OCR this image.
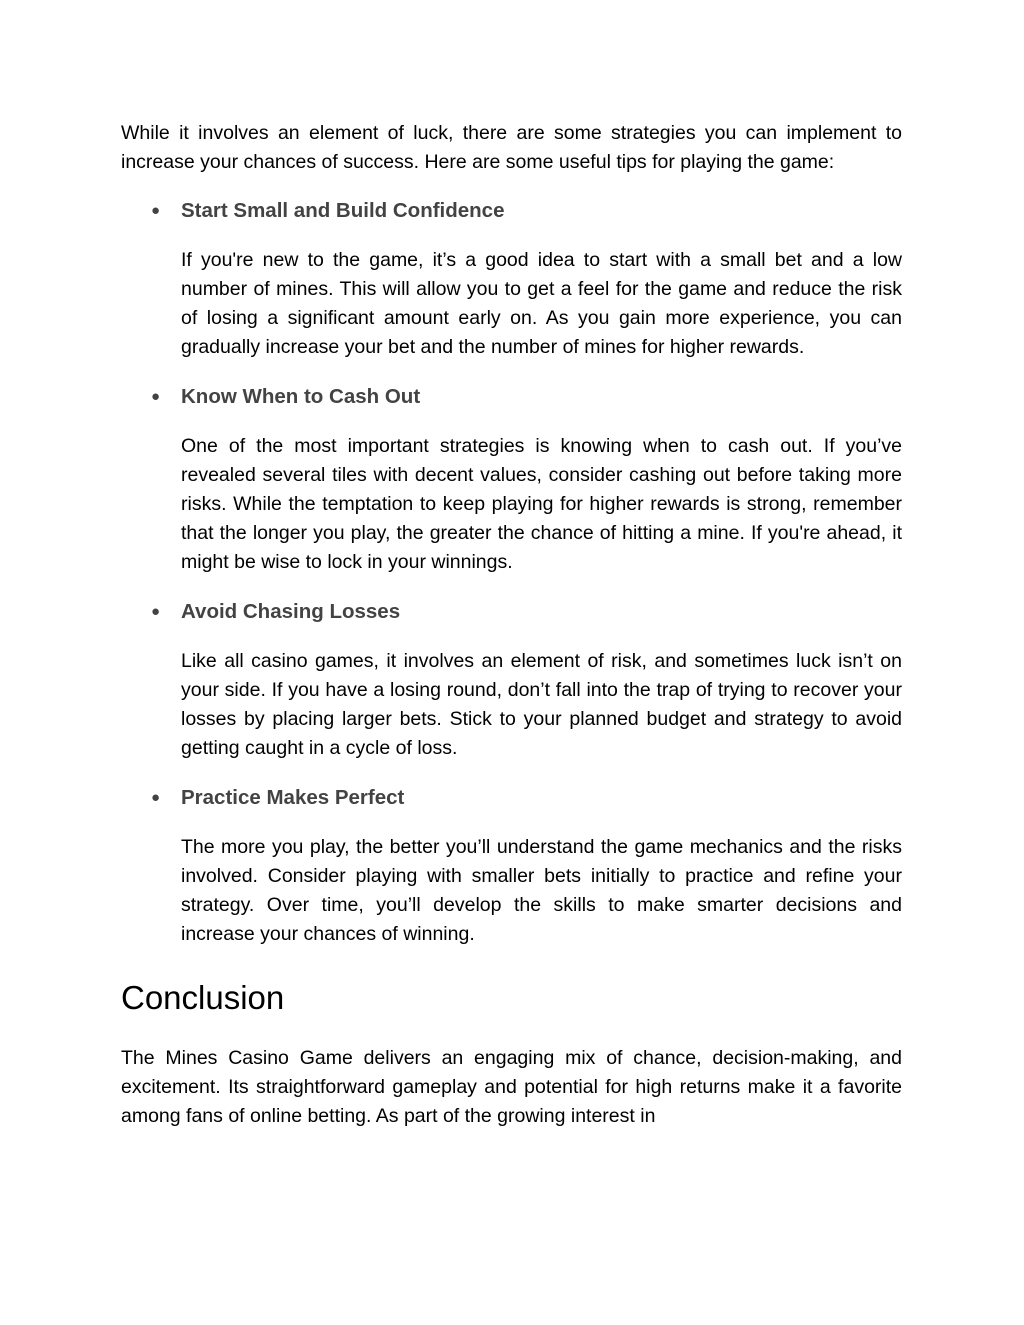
While it involves an element of luck, there are some strategies you can implement to increase your chances of success. Here are some useful tips for playing the game:

● Start Small and Build Confidence

If you're new to the game, it’s a good idea to start with a small bet and a low number of mines. This will allow you to get a feel for the game and reduce the risk of losing a significant amount early on. As you gain more experience, you can gradually increase your bet and the number of mines for higher rewards.

● Know When to Cash Out

One of the most important strategies is knowing when to cash out. If you’ve revealed several tiles with decent values, consider cashing out before taking more risks. While the temptation to keep playing for higher rewards is strong, remember that the longer you play, the greater the chance of hitting a mine. If you're ahead, it might be wise to lock in your winnings.

● Avoid Chasing Losses

Like all casino games, it involves an element of risk, and sometimes luck isn’t on your side. If you have a losing round, don’t fall into the trap of trying to recover your losses by placing larger bets. Stick to your planned budget and strategy to avoid getting caught in a cycle of loss.

● Practice Makes Perfect

The more you play, the better you’ll understand the game mechanics and the risks involved. Consider playing with smaller bets initially to practice and refine your strategy. Over time, you’ll develop the skills to make smarter decisions and increase your chances of winning.

Conclusion

The Mines Casino Game delivers an engaging mix of chance, decision-making, and excitement. Its straightforward gameplay and potential for high returns make it a favorite among fans of online betting. As part of the growing interest in
